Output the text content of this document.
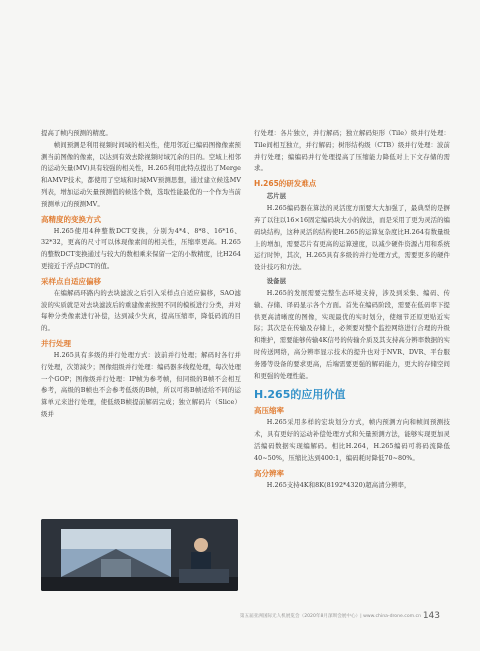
提高了帧内预测的精度。

帧间预测是利用视频时间域的相关性，使用邻近已编码图像像素预测当前图像的像素，以达到有效去除视频时域冗余的目的。空域上相邻的运动矢量(MV)具有较强的相关性，H.265利用此特点提出了Merge和AMVP技术，都使用了空域和时域MV预测思想，通过建立候选MV列表，增加运动矢量预测值的候选个数，选取性能最优的一个作为当前预测单元的预测MV。

高精度的变换方式

H.265使用4种整数DCT变换，分别为4*4、8*8、16*16、32*32，更高的尺寸可以体现像素间的相关性，压缩率更高。H.265的整数DCT变换通过与较大的数相乘来保留一定的小数精度，比H264更接近于浮点DCT的值。

采样点自适应偏移

在编解码环路内的去块滤波之后引入采样点自适应偏移，SAO滤波的实质就是对去块滤波后的重建像素按照不同的模板进行分类，并对每种分类像素进行补偿，达到减少失真，提高压缩率，降低码流的目的。

并行处理

H.265具有多级的并行处理方式：波前并行处理；解码时各行并行处理，次第減少；图像组级并行处理：编码器多线程处理，每次处理一个GOP；图像级并行处理：IP帧为参考帧，但同级的B帧不会相互参考，高级的B帧也不会参考低级的B帧，所以可将B帧适给不同的运算单元来进行处理，使低级B帧提前解码完成；独立解码片（Slice）级并

行处理：各片独立，并行解码；独立解码矩形（Tile）级并行处理：Tile间相互独立，并行解码；树形结构级（CTB）级并行处理：波前并行处理；编编码并行处理提高了压缩能力降低对上下文存储的需求。

H.265的研发难点
芯片层

H.265编码器在算法的灵活度方面要大大加强了，最典型的是摒弃了以往以16×16固定编码块大小的做法，而是采用了更为灵活的编码块结构，这种灵活的结构使H.265的运算复杂度比H.264有数量级上的增加，需要芯片有更高的运算速度，以减少硬件资源占用和系统运行时钟，其次，H.265具有多级的并行处理方式，需要更多的硬件设计技巧和方法。

设备层

H.265的发展需要完整生态环境支持，涉及到采集、编码、传输、存储、译码显示各个方面。首先在编码阶段，需要在低码率下提供更高清晰度的图像，实现最优的实时划分，使细节还原更贴近实际；其次是在传输及存储上，必须要对整个监控网络进行合理的升级和维护，需要能够传输4K信号的传输介质及其支持高分辨率数据的实时传送网络，高分辨率显示技术的提升也对于NVR、DVR、平台服务器等设备的要求更高，后端需要更强的解码能力，更大的存储空间和更强的处理性能。

H.265的应用价值
高压缩率

H.265采用多样的宏块划分方式，帧内预测方向和帧间预测技术，具有更好的运动补偿处理方式和矢量预测方法，能够实现更加灵活编码数据实现编解码。相比H.264，H.265编码可将码流降低40~50%，压缩比达到400:1，编码耗时降低70~80%。

高分辨率

H.265支持4K和8K(8192*4320)超高清分辨率，

第五届亚洲国际无人机展览会（2020年8月深圳会展中心）| www.china-drone.com.cn 143
